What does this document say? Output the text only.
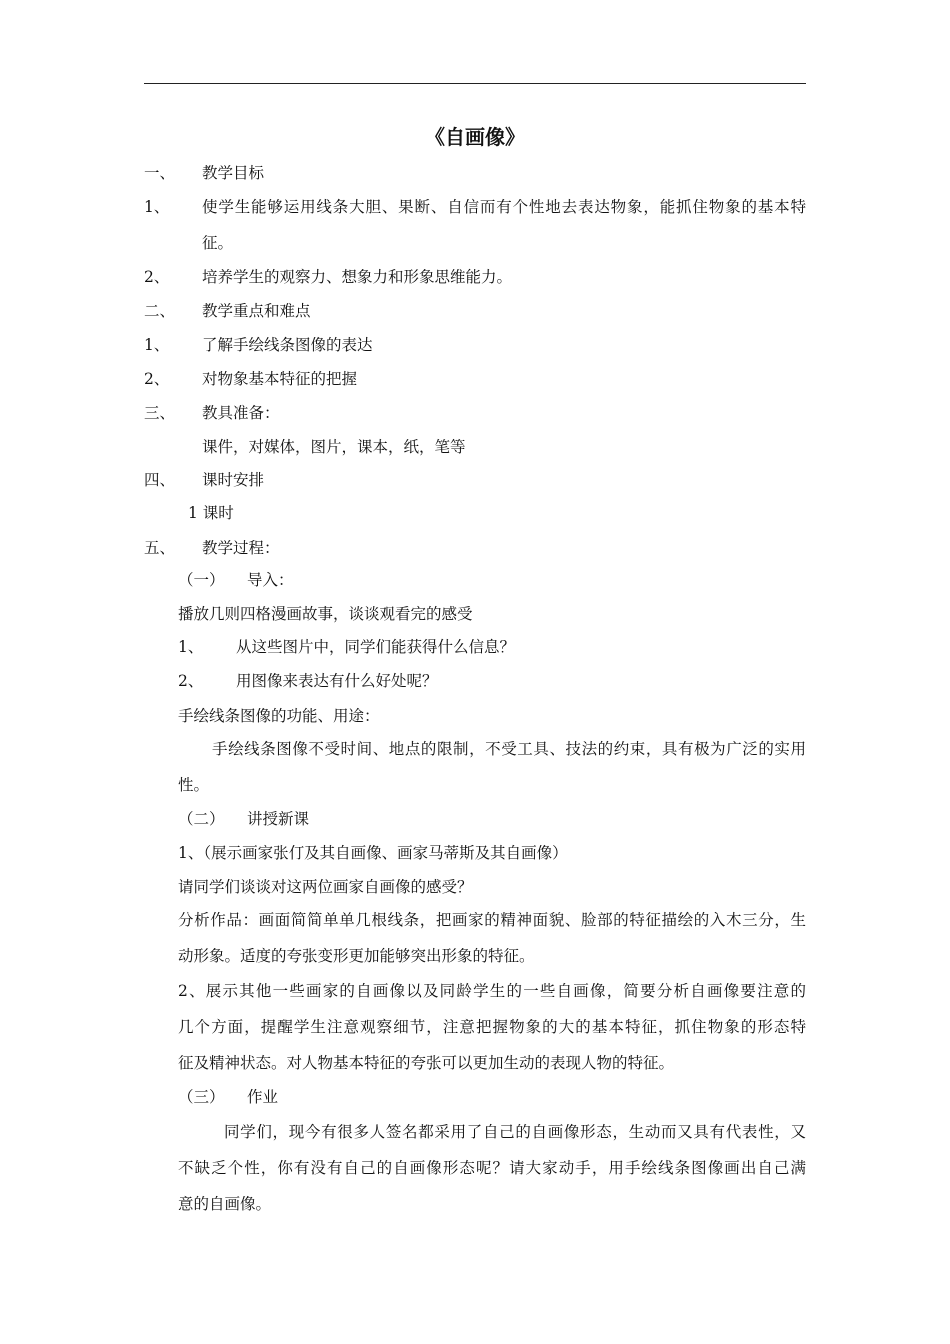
《自画像》
一、 教学目标
1、 使学生能够运用线条大胆、果断、自信而有个性地去表达物象，能抓住物象的基本特
征。
2、 培养学生的观察力、想象力和形象思维能力。
二、 教学重点和难点
1、 了解手绘线条图像的表达
2、 对物象基本特征的把握
三、 教具准备：
课件，对媒体，图片，课本，纸，笔等
四、 课时安排
1 课时
五、 教学过程：
（一） 导入：
播放几则四格漫画故事，谈谈观看完的感受
1、 从这些图片中，同学们能获得什么信息？
2、 用图像来表达有什么好处呢？
手绘线条图像的功能、用途：
手绘线条图像不受时间、地点的限制，不受工具、技法的约束，具有极为广泛的实用
性。
（二） 讲授新课
1、（展示画家张仃及其自画像、画家马蒂斯及其自画像）
请同学们谈谈对这两位画家自画像的感受？
分析作品：画面简简单单几根线条，把画家的精神面貌、脸部的特征描绘的入木三分，生
动形象。适度的夸张变形更加能够突出形象的特征。
2、展示其他一些画家的自画像以及同龄学生的一些自画像，简要分析自画像要注意的
几个方面，提醒学生注意观察细节，注意把握物象的大的基本特征，抓住物象的形态特
征及精神状态。对人物基本特征的夸张可以更加生动的表现人物的特征。
（三） 作业
同学们，现今有很多人签名都采用了自己的自画像形态，生动而又具有代表性，又
不缺乏个性，你有没有自己的自画像形态呢？请大家动手，用手绘线条图像画出自己满
意的自画像。
